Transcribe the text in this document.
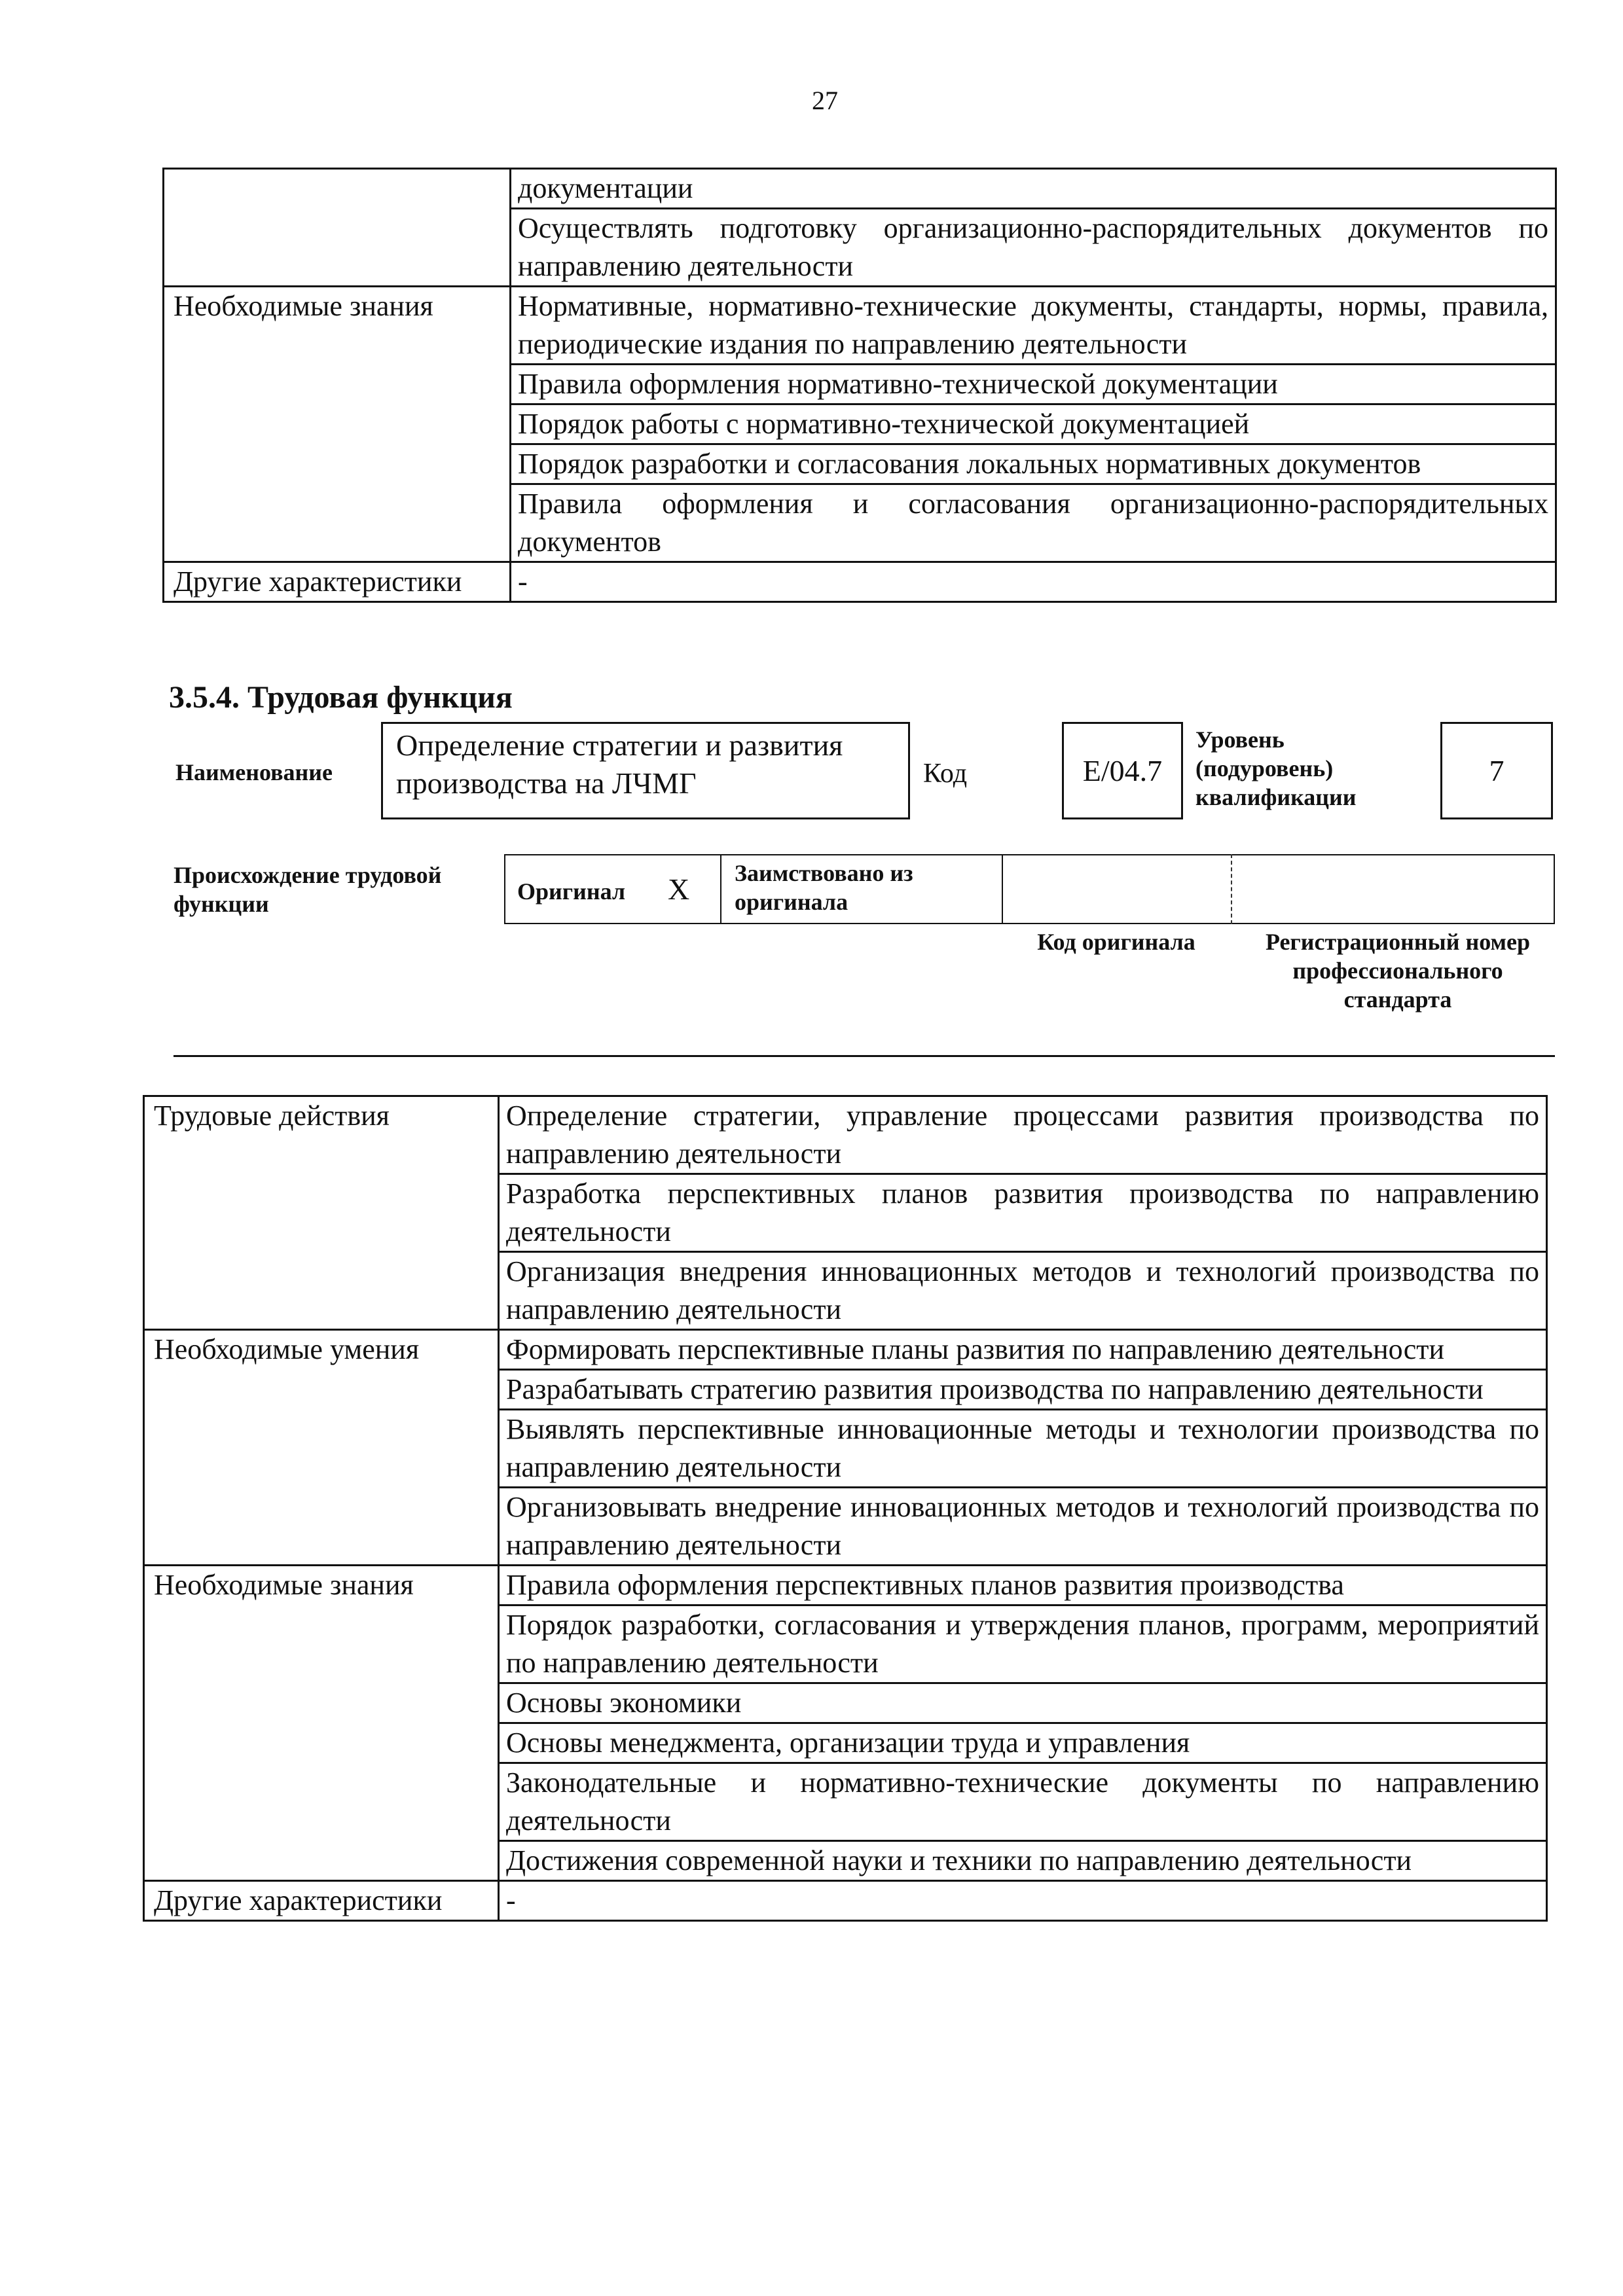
27
	документации
	Осуществлять подготовку организационно-распорядительных документов по направлению деятельности
Необходимые знания	Нормативные, нормативно-технические документы, стандарты, нормы, правила, периодические издания по направлению деятельности
	Правила оформления нормативно-технической документации
	Порядок работы с нормативно-технической документацией
	Порядок разработки и согласования локальных нормативных документов
	Правила оформления и согласования организационно-распорядительных документов
Другие характеристики	-
3.5.4. Трудовая функция
Наименование
Определение стратегии и развития производства на ЛЧМГ	Код	E/04.7
Уровень (подуровень) квалификации
7
Происхождение трудовой функции	Оригинал X Заимствовано из оригинала
Код оригинала	Регистрационный номер профессионального стандарта
Трудовые действия	Определение стратегии, управление процессами развития производства по направлению деятельности
	Разработка перспективных планов развития производства по направлению деятельности
	Организация внедрения инновационных методов и технологий производства по направлению деятельности
Необходимые умения	Формировать перспективные планы развития по направлению деятельности
	Разрабатывать стратегию развития производства по направлению деятельности
	Выявлять перспективные инновационные методы и технологии производства по направлению деятельности
	Организовывать внедрение инновационных методов и технологий производства по направлению деятельности
Необходимые знания	Правила оформления перспективных планов развития производства
	Порядок разработки, согласования и утверждения планов, программ, мероприятий по направлению деятельности
	Основы экономики
	Основы менеджмента, организации труда и управления
	Законодательные и нормативно-технические документы по направлению деятельности
	Достижения современной науки и техники по направлению деятельности
Другие характеристики	-
